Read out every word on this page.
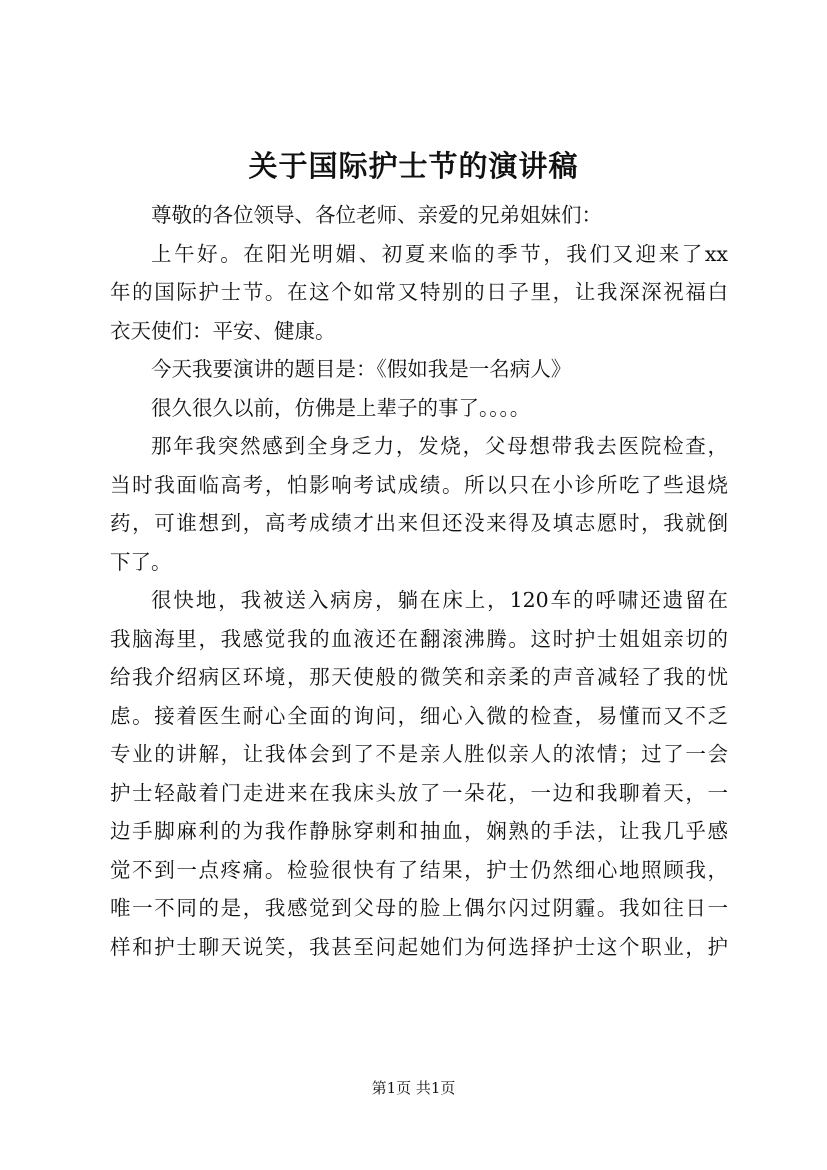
关于国际护士节的演讲稿
尊敬的各位领导、各位老师、亲爱的兄弟姐妹们：
上午好。在阳光明媚、初夏来临的季节，我们又迎来了xx
年的国际护士节。在这个如常又特别的日子里，让我深深祝福白
衣天使们：平安、健康。
今天我要演讲的题目是：《假如我是一名病人》
很久很久以前，仿佛是上辈子的事了。。。。
那年我突然感到全身乏力，发烧，父母想带我去医院检查，
当时我面临高考，怕影响考试成绩。所以只在小诊所吃了些退烧
药，可谁想到，高考成绩才出来但还没来得及填志愿时，我就倒
下了。
很快地，我被送入病房，躺在床上，120车的呼啸还遗留在
我脑海里，我感觉我的血液还在翻滚沸腾。这时护士姐姐亲切的
给我介绍病区环境，那天使般的微笑和亲柔的声音减轻了我的忧
虑。接着医生耐心全面的询问，细心入微的检查，易懂而又不乏
专业的讲解，让我体会到了不是亲人胜似亲人的浓情；过了一会
护士轻敲着门走进来在我床头放了一朵花，一边和我聊着天，一
边手脚麻利的为我作静脉穿刺和抽血，娴熟的手法，让我几乎感
觉不到一点疼痛。检验很快有了结果，护士仍然细心地照顾我，
唯一不同的是，我感觉到父母的脸上偶尔闪过阴霾。我如往日一
样和护士聊天说笑，我甚至问起她们为何选择护士这个职业，护
第1页 共1页
